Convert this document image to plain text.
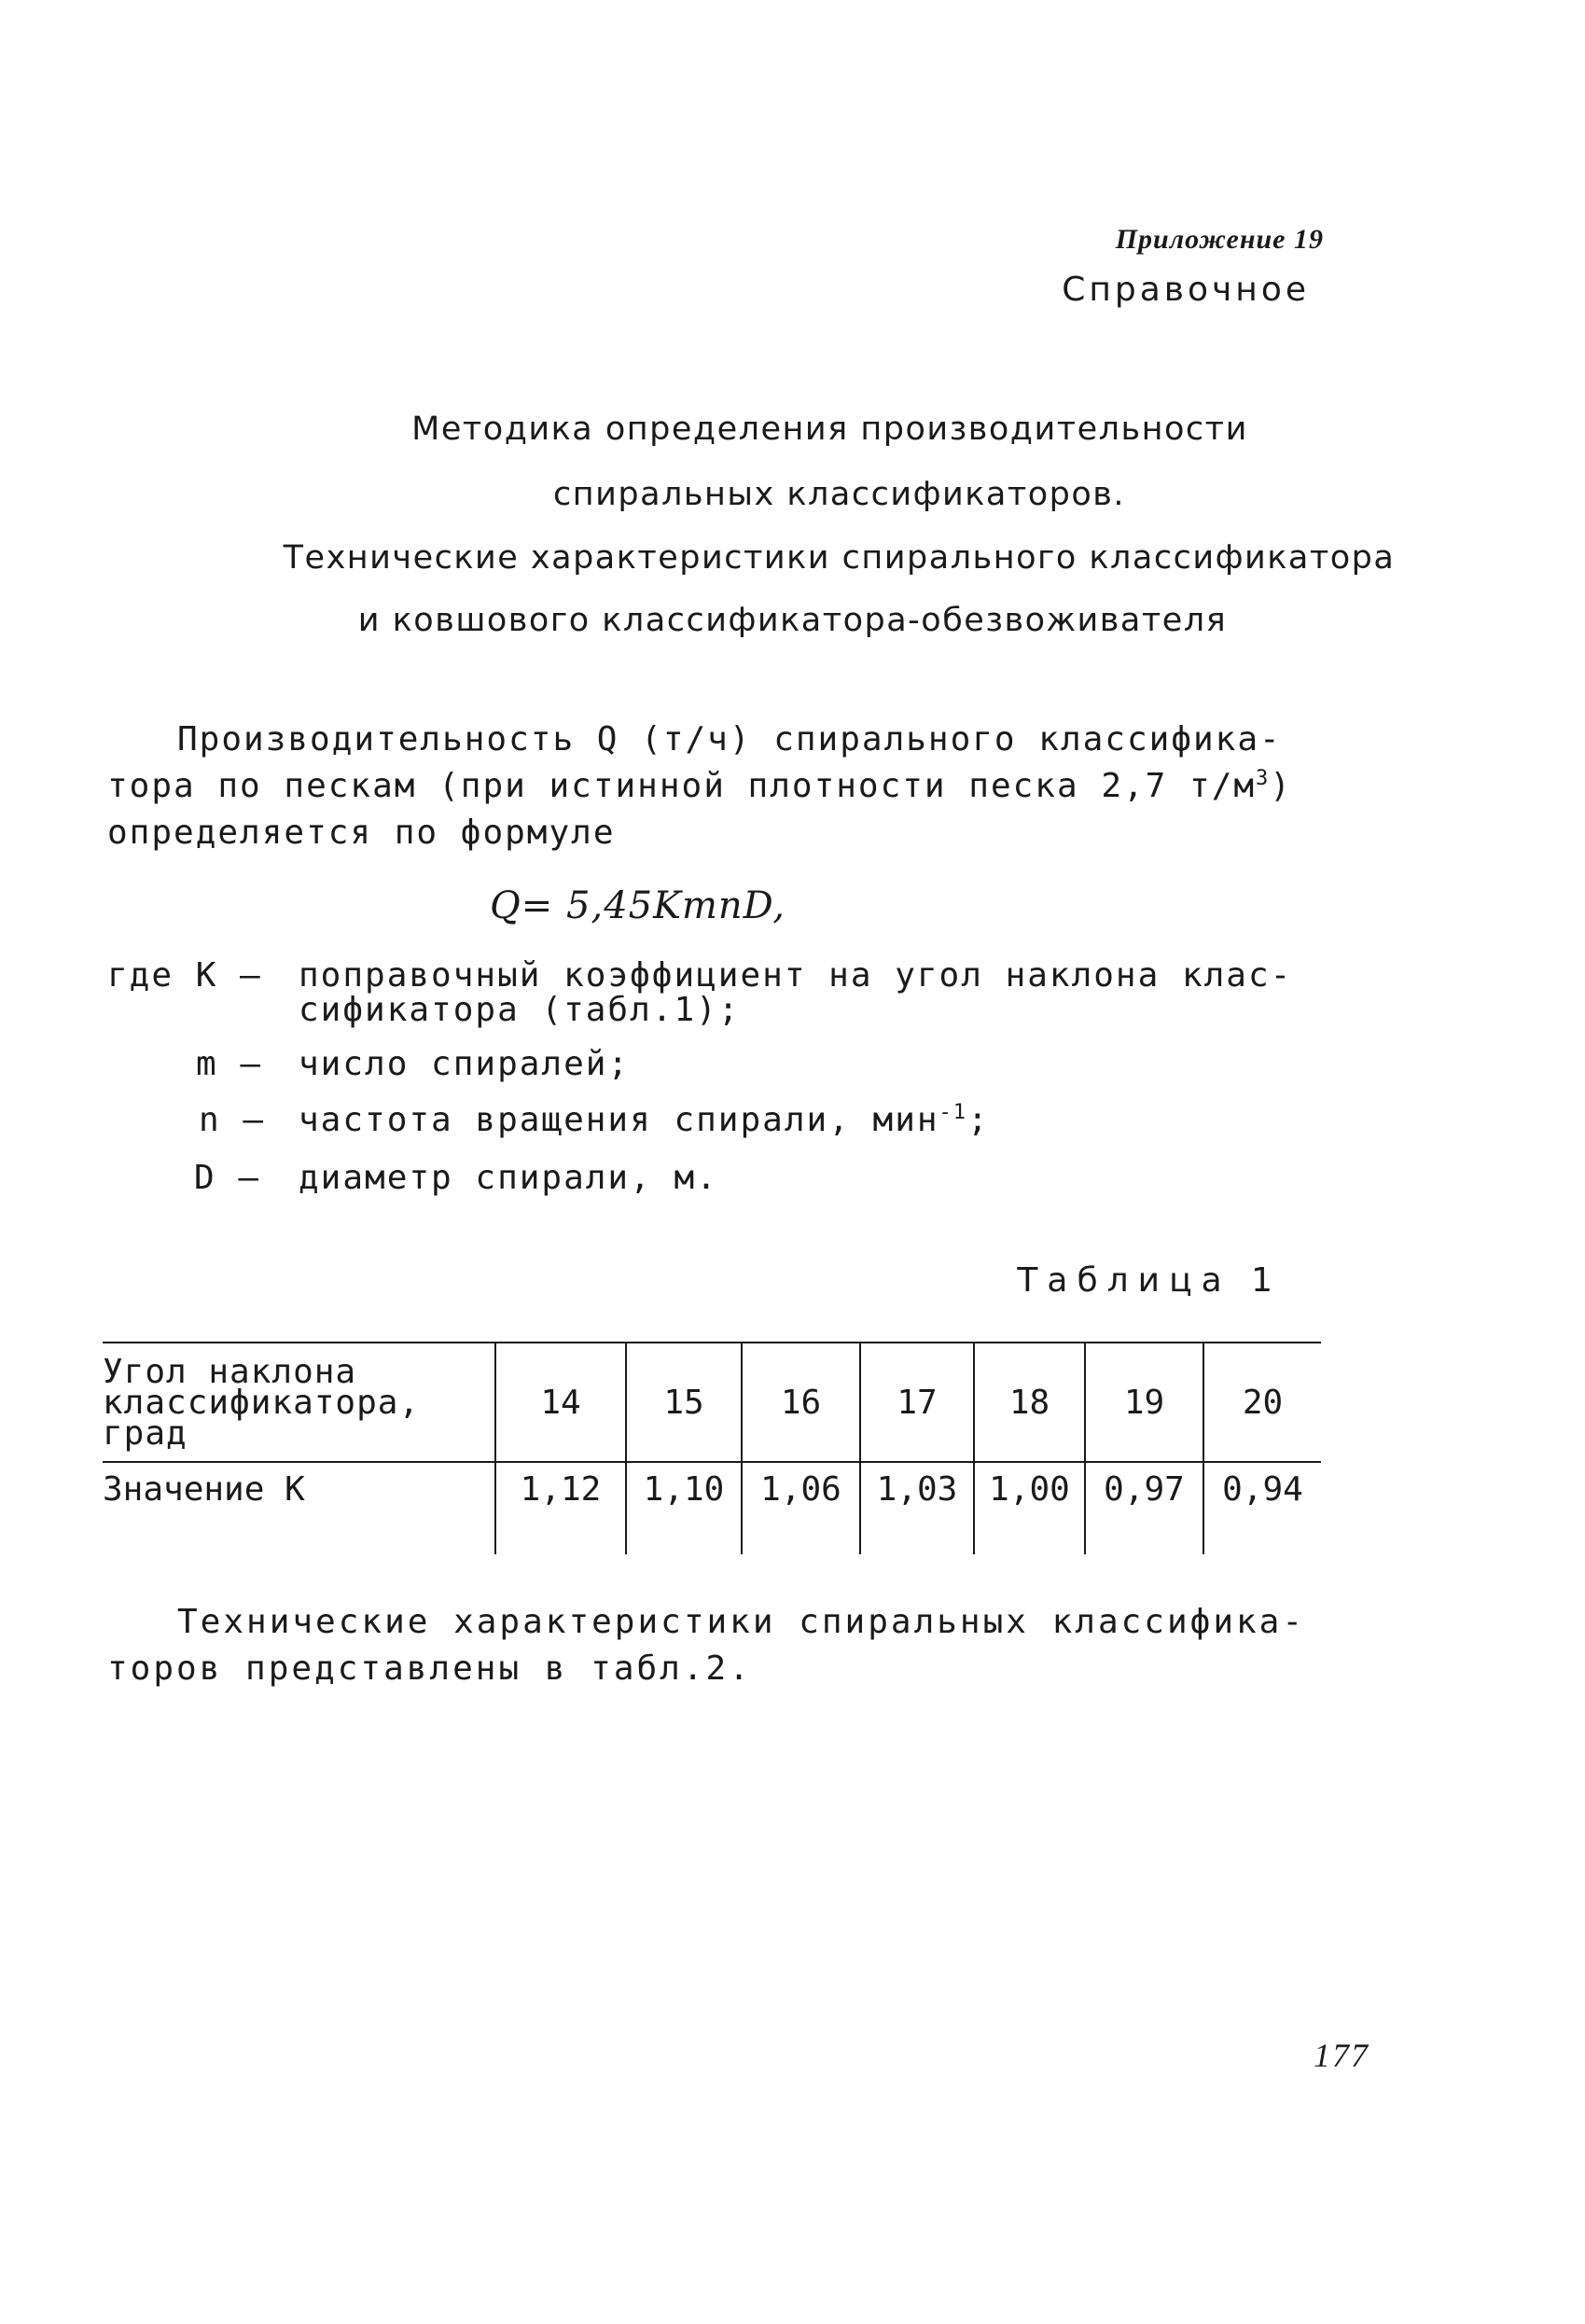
Приложение 19
Справочное
Методика определения производительности
спиральных классификаторов.
Технические характеристики спирального классификатора
и ковшового классификатора-обезвоживателя
Производительность Q (т/ч) спирального классифика-
тора по пескам (при истинной плотности песка 2,7 $т/м^3$)
определяется по формуле
Q= 5,45KmnD,
где К – поправочный коэффициент на угол наклона клас-
сификатора (табл.1);
m – число спиралей;
n – частота вращения спирали, мин$^{-1}$;
D – диаметр спирали, м.
Таблица 1
Угол наклона
классификатора,
град	14	15	16	17	18	19	20
Значение К	1,12	1,10	1,06	1,03	1,00	0,97	0,94
Технические характеристики спиральных классифика-
торов представлены в табл.2.
177
